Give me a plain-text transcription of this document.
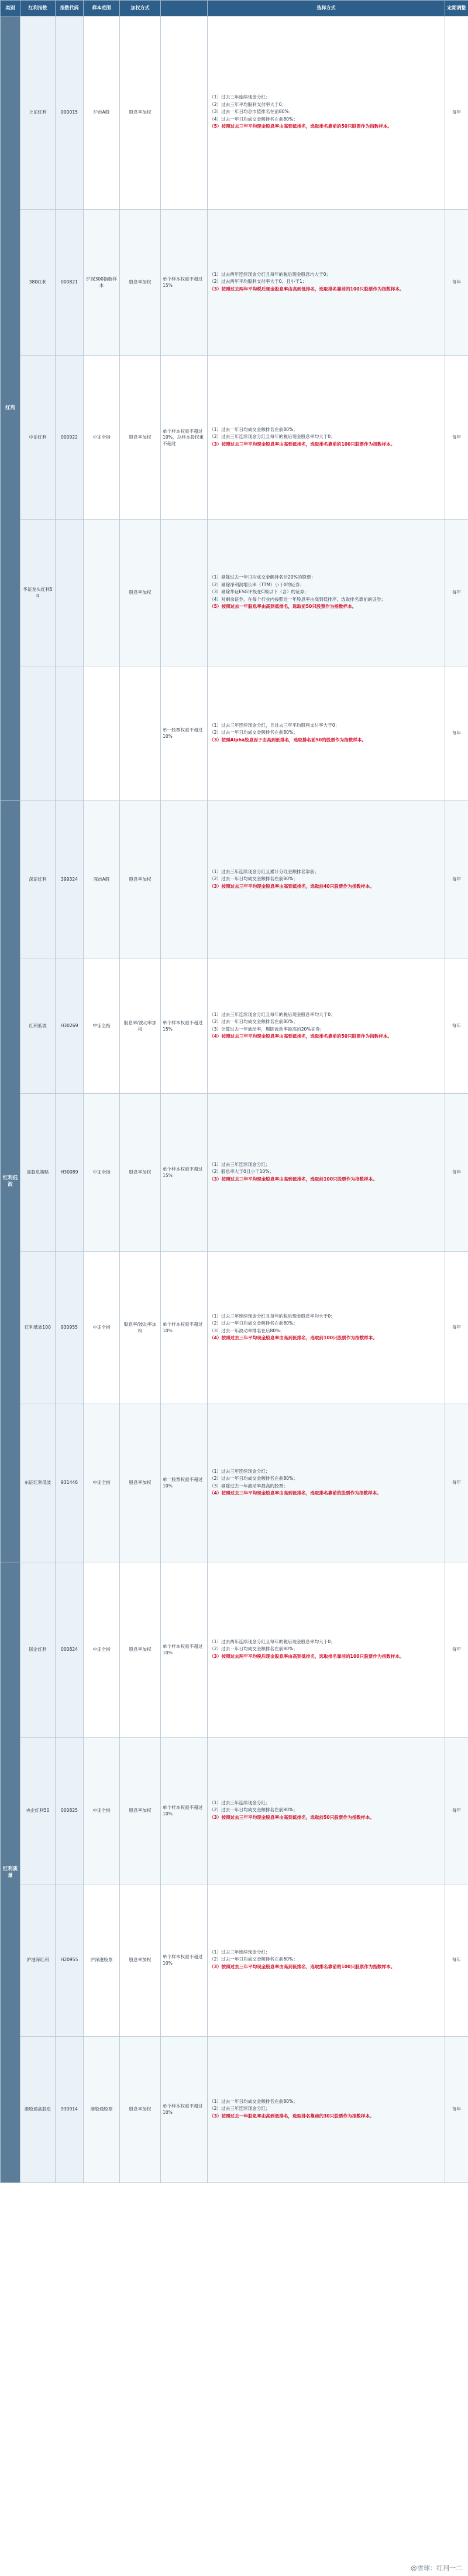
类别	红利指数	指数代码	样本范围	加权方式		选样方式	定期调整
红利	上证红利	000015	沪市A股	股息率加权		（1）过去三年连续现金分红；

（2）过去三年平均股利支付率大于0；

（3）过去一年日均总市值排名在前80%；

（4）过去一年日均成交金额排名在前80%；

（5）按照过去三年平均现金股息率由高到低排名，选取排名靠前的50只股票作为指数样本。	每年
	380红利	000821	沪深300指数样本	股息率加权	单个样本权重不超过15%	（1）过去两年连续现金分红且每年的税后现金股息均大于0；

（2）过去两年平均股利支付率大于0，且小于1；

（3）按照过去两年平均税后现金股息率由高到低排名，选取排名靠前的100只股票作为指数样本。	每年
	中证红利	000922	中证全指	股息率加权	单个样本权重不超过10%，总样本股权重不超过	（1）过去一年日均成交金额排名在前80%；

（2）过去三年连续现金分红且每年的税后现金股息率均大于0；

（3）按照过去三年平均现金股息率由高到低排名，选取排名靠前的100只股票作为指数样本。	每年
	华证龙头红利50			股息率加权		（1）剔除过去一年日均成交金额排名后20%的股票；

（2）剔除净利润增长率（TTM）小于0的证券；

（3）剔除华证ESG评级在C级以下（含）的证券；

（4）对剩余证券，在每个行业内按照近一年股息率由高到低排序，选取排名靠前的证券；

（5）按照过去一年股息率由高到低排名，选取前50只股票作为指数样本。	每年
					单一股票权重不超过10%	（1）过去三年连续现金分红，且过去三年平均股利支付率大于0；

（2）过去一年日均成交金额排名在前80%；

（3）按照Alpha股息因子由高到低排名，选取排名前50的股票作为指数样本。	每年
红利低波	深证红利	399324	深市A股	股息率加权		（1）过去三年连续现金分红且累计分红金额排名靠前；

（2）过去一年日均成交金额排名在前80%；

（3）按照过去三年平均现金股息率由高到低排名，选取前40只股票作为指数样本。	每年
	红利低波	H30269	中证全指	股息率/波动率加权	单个样本权重不超过15%	（1）过去三年连续现金分红且每年的税后现金股息率均大于0；

（2）过去一年日均成交金额排名在前80%；

（3）计算过去一年波动率，剔除波动率最高的20%证券；

（4）按照过去三年平均现金股息率由高到低排名，选取排名靠前的50只股票作为指数样本。	每年
	高股息策略	H30089	中证全指	股息率加权	单个样本权重不超过15%	（1）过去三年连续现金分红；

（2）股息率大于0且小于10%；

（3）按照过去三年平均现金股息率由高到低排名，选取前100只股票作为指数样本。	每年
	红利低波100	930955	中证全指	股息率/波动率加权	单个样本权重不超过10%	（1）过去三年连续现金分红且每年的税后现金股息率均大于0；

（2）过去一年日均成交金额排名在前80%；

（3）过去一年波动率排名在后80%；

（4）按照过去三年平均现金股息率由高到低排名，选取前100只股票作为指数样本。	每年
	东证红利低波	931446	中证全指	股息率加权	单一股票权重不超过10%	（1）过去三年连续现金分红；

（2）过去一年日均成交金额排名在前80%；

（3）剔除过去一年波动率最高的股票；

（4）按照过去三年平均现金股息率由高到低排名，选取排名靠前的股票作为指数样本。	每年
红利质量	国企红利	000824	中证全指	股息率加权	单个样本权重不超过10%	（1）过去两年连续现金分红且每年的税后现金股息率均大于0；

（2）过去一年日均成交金额排名在前80%；

（3）按照过去两年平均税后现金股息率由高到低排名，选取排名靠前的100只股票作为指数样本。	每年
	央企红利50	000825	中证全指	股息率加权	单个样本权重不超过10%	（1）过去三年连续现金分红；

（2）过去一年日均成交金额排名在前80%；

（3）按照过去三年平均现金股息率由高到低排名，选取前50只股票作为指数样本。	每年
	沪港深红利	H20955	沪深港股票	股息率加权	单个样本权重不超过10%	（1）过去三年连续现金分红；

（2）过去一年日均成交金额排名在前80%；

（3）按照过去三年平均现金股息率由高到低排名，选取排名靠前的100只股票作为指数样本。	每年
	港股通高股息	930914	港股通股票	股息率加权	单个样本权重不超过10%	（1）过去一年日均成交金额排名在前80%；

（2）过去三年连续现金分红；

（3）按照过去一年股息率由高到低排名，选取排名靠前的30只股票作为指数样本。	每年
@雪球：红利一二
